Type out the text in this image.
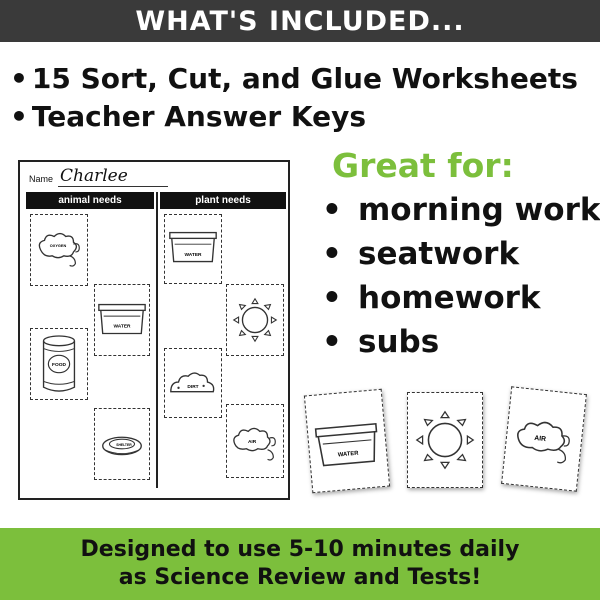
WHAT'S INCLUDED...
• 15 Sort, Cut, and Glue Worksheets
• Teacher Answer Keys
Name Charlee
animal needs	plant needs
OXYGEN
WATER
FOOD
SHELTER
WATER
DIRT
AIR
Great for:
• morning work
• seatwork
• homework
• subs
WATER
AIR
Designed to use 5-10 minutes daily
as Science Review and Tests!
